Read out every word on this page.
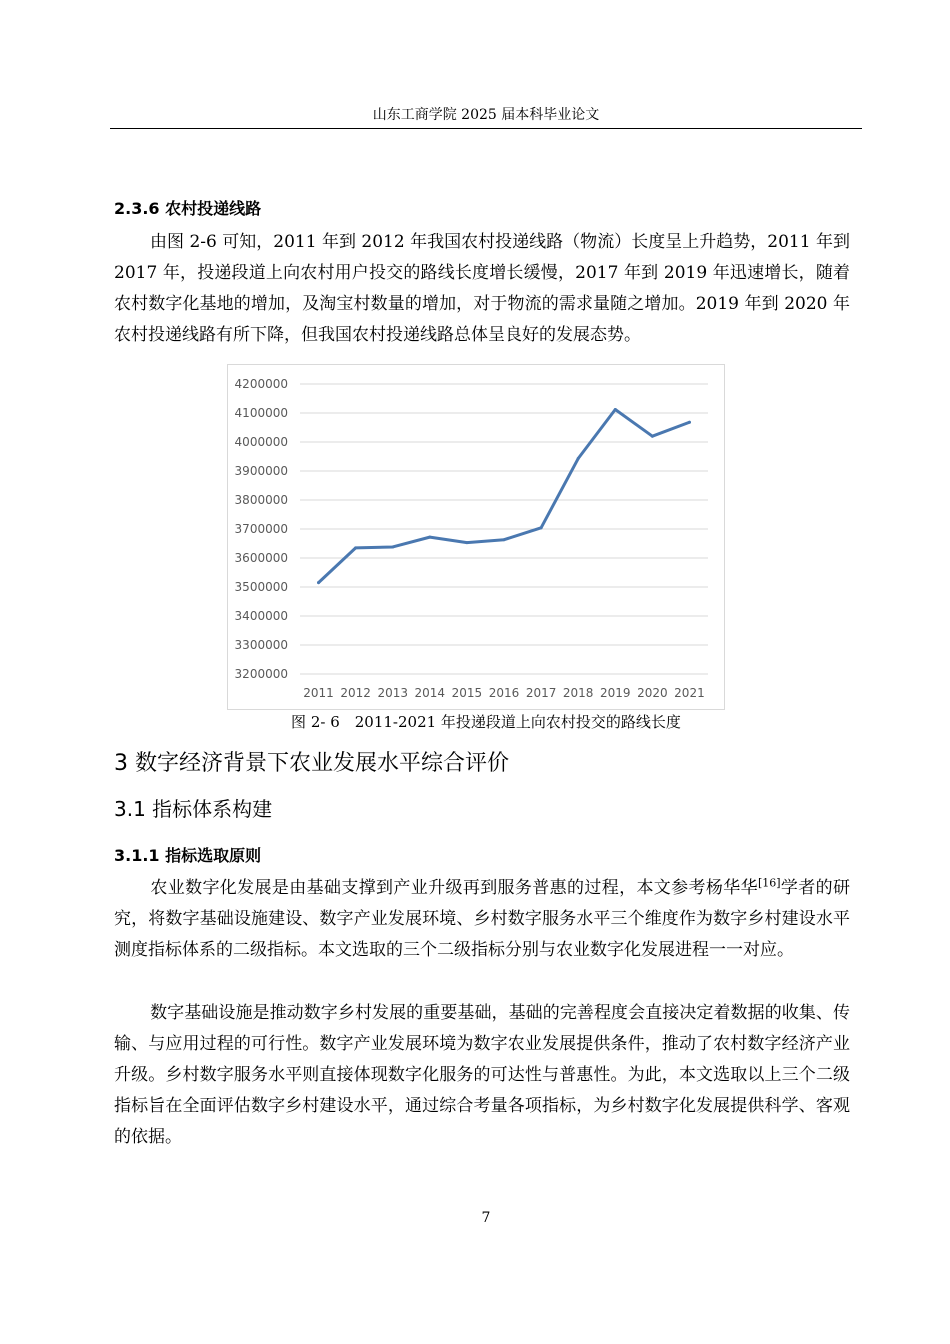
山东工商学院 2025 届本科毕业论文
2.3.6 农村投递线路
由图 2-6 可知，2011 年到 2012 年我国农村投递线路（物流）长度呈上升趋势，2011 年到 2017 年，投递段道上向农村用户投交的路线长度增长缓慢，2017 年到 2019 年迅速增长，随着农村数字化基地的增加，及淘宝村数量的增加，对于物流的需求量随之增加。2019 年到 2020 年农村投递线路有所下降，但我国农村投递线路总体呈良好的发展态势。
4200000
4100000
4000000
3900000
3800000
3700000
3600000
3500000
3400000
3300000
3200000
2011 2012 2013 2014 2015 2016 2017 2018 2019 2020 2021
图 2- 6　2011-2021 年投递段道上向农村投交的路线长度
3 数字经济背景下农业发展水平综合评价
3.1 指标体系构建
3.1.1 指标选取原则
农业数字化发展是由基础支撑到产业升级再到服务普惠的过程，本文参考杨华华[16]学者的研究，将数字基础设施建设、数字产业发展环境、乡村数字服务水平三个维度作为数字乡村建设水平测度指标体系的二级指标。本文选取的三个二级指标分别与农业数字化发展进程一一对应。
数字基础设施是推动数字乡村发展的重要基础，基础的完善程度会直接决定着数据的收集、传输、与应用过程的可行性。数字产业发展环境为数字农业发展提供条件，推动了农村数字经济产业升级。乡村数字服务水平则直接体现数字化服务的可达性与普惠性。为此，本文选取以上三个二级指标旨在全面评估数字乡村建设水平，通过综合考量各项指标，为乡村数字化发展提供科学、客观的依据。
7
